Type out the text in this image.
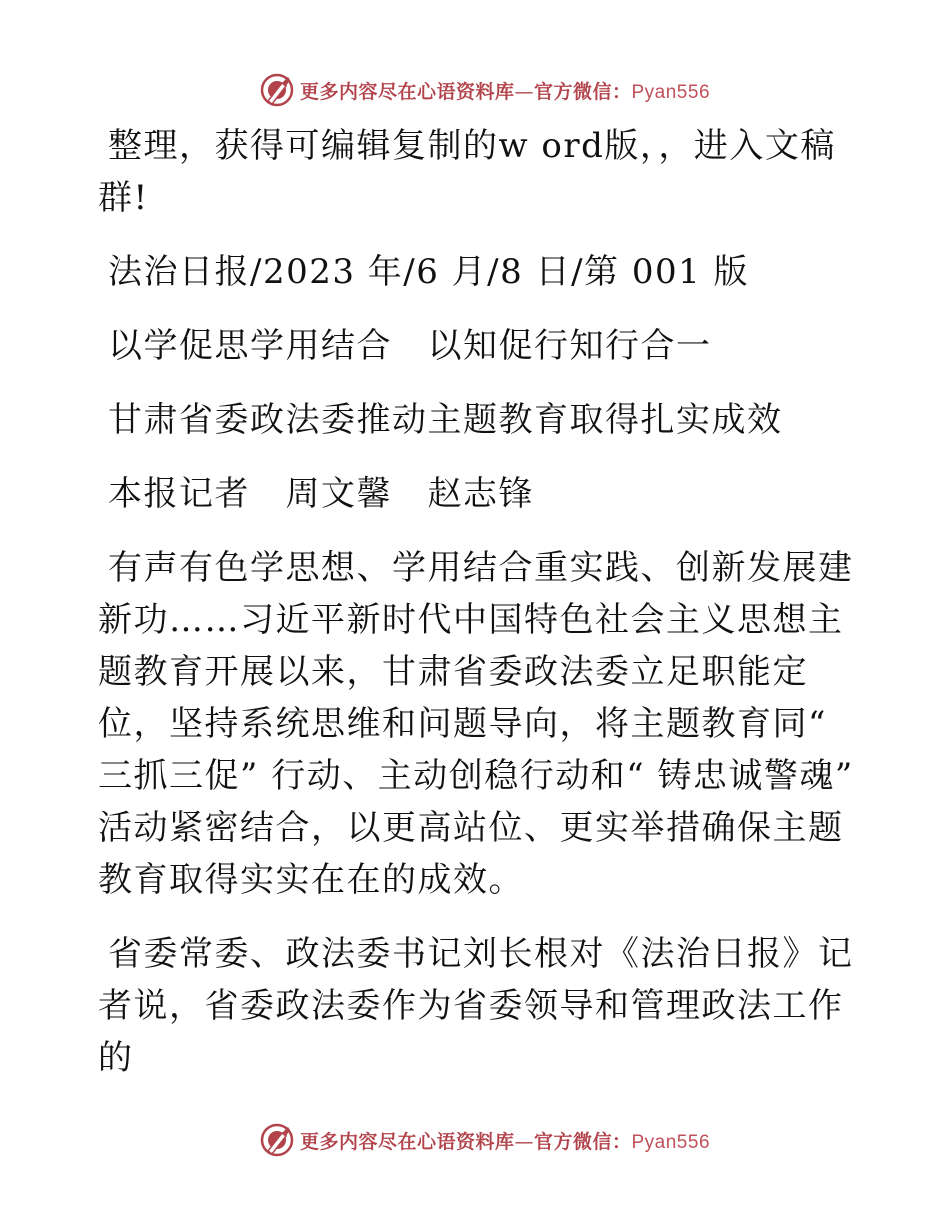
更多内容尽在心语资料库—官方微信：Pyan556

整理，获得可编辑复制的w ord版，，进入文稿群!

法治日报/2023 年/6 月/8 日/第 001 版

以学促思学用结合　以知促行知行合一

甘肃省委政法委推动主题教育取得扎实成效

本报记者　周文馨　赵志锋

有声有色学思想、学用结合重实践、创新发展建新功……习近平新时代中国特色社会主义思想主题教育开展以来，甘肃省委政法委立足职能定位，坚持系统思维和问题导向，将主题教育同“ 三抓三促” 行动、主动创稳行动和“ 铸忠诚警魂” 活动紧密结合，以更高站位、更实举措确保主题教育取得实实在在的成效。

省委常委、政法委书记刘长根对《法治日报》记者说，省委政法委作为省委领导和管理政法工作的

更多内容尽在心语资料库—官方微信：Pyan556
